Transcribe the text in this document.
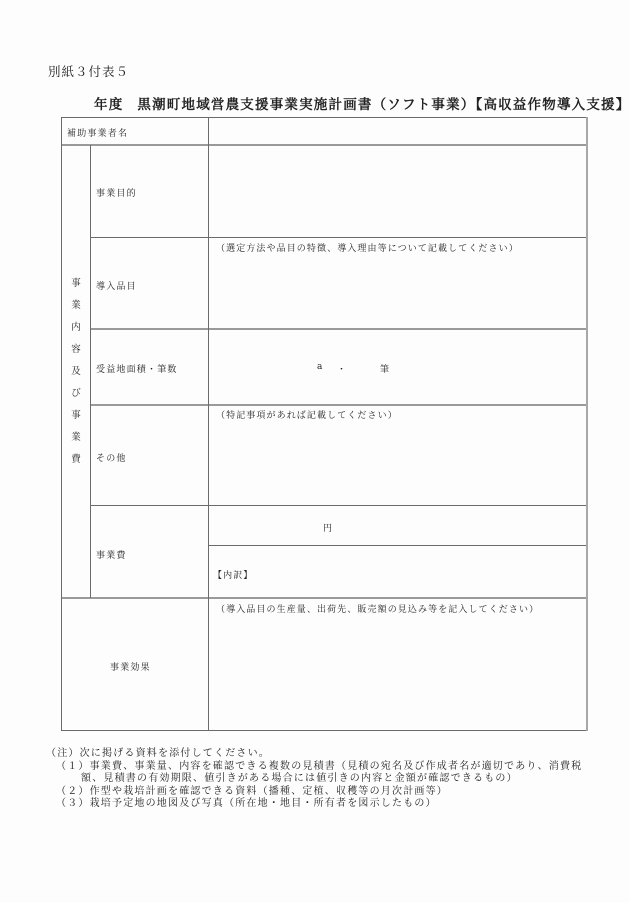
別紙３付表５
年度 黒潮町地域営農支援事業実施計画書（ソフト事業）【高収益作物導入支援】
補助事業者名
事
業
内
容
及
び
事
業
費
事業目的
導入品目
（選定方法や品目の特徴、導入理由等について記載してください）
受益地面積・筆数	a ・	筆
その他
（特記事項があれば記載してください）
事業費
円
【内訳】
事業効果
（導入品目の生産量、出荷先、販売額の見込み等を記入してください）
（注）次に掲げる資料を添付してください。
（１）事業費、事業量、内容を確認できる複数の見積書（見積の宛名及び作成者名が適切であり、消費税
額、見積書の有効期限、値引きがある場合には値引きの内容と金額が確認できるもの）
（２）作型や栽培計画を確認できる資料（播種、定植、収穫等の月次計画等）
（３）栽培予定地の地図及び写真（所在地・地目・所有者を図示したもの）
